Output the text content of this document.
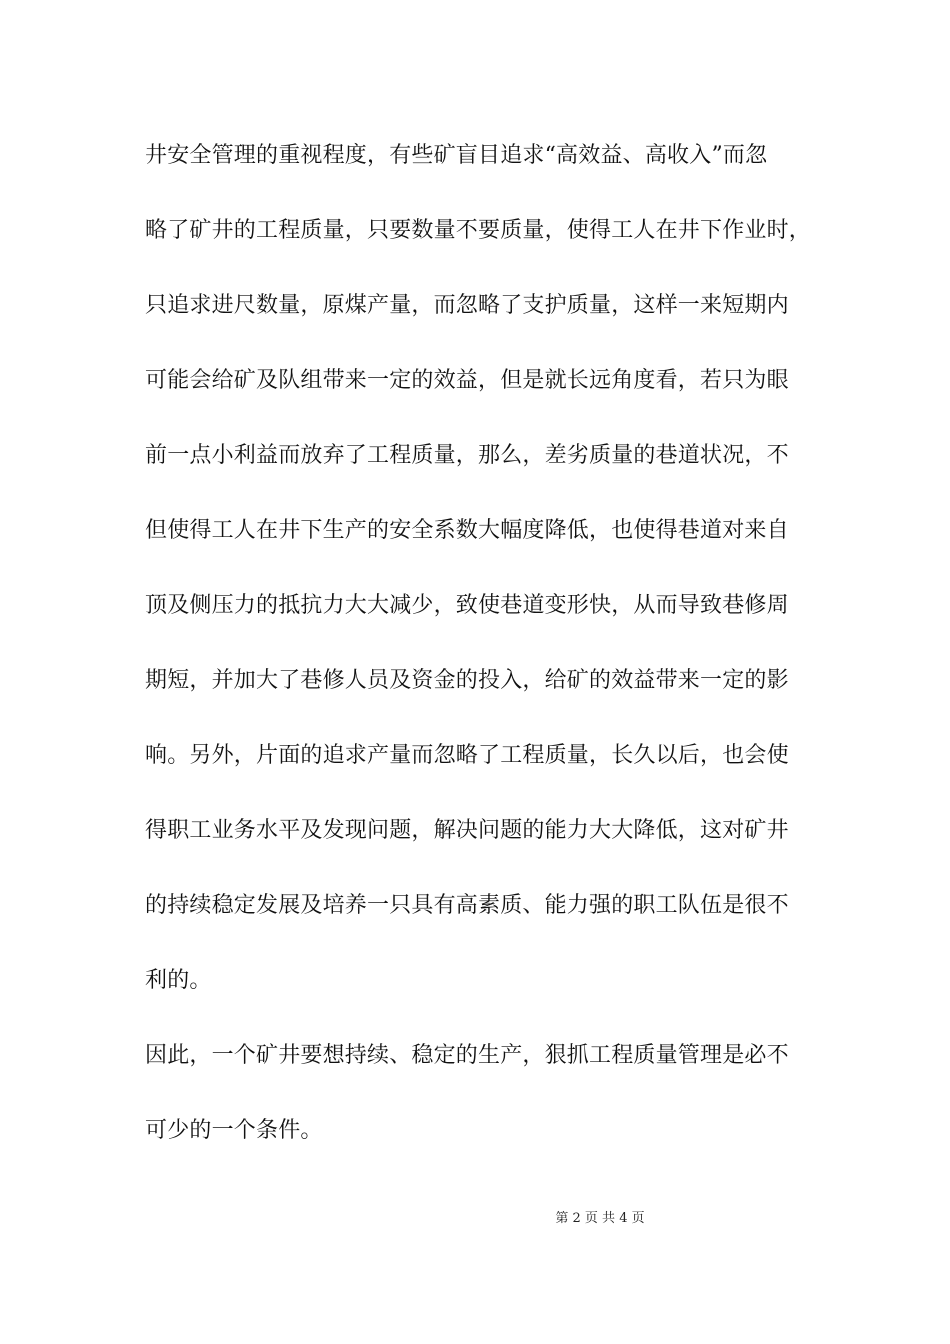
井安全管理的重视程度，有些矿盲目追求“高效益、高收入”而忽
略了矿井的工程质量，只要数量不要质量，使得工人在井下作业时，
只追求进尺数量，原煤产量，而忽略了支护质量，这样一来短期内
可能会给矿及队组带来一定的效益，但是就长远角度看，若只为眼
前一点小利益而放弃了工程质量，那么，差劣质量的巷道状况，不
但使得工人在井下生产的安全系数大幅度降低，也使得巷道对来自
顶及侧压力的抵抗力大大减少，致使巷道变形快，从而导致巷修周
期短，并加大了巷修人员及资金的投入，给矿的效益带来一定的影
响。另外，片面的追求产量而忽略了工程质量，长久以后，也会使
得职工业务水平及发现问题，解决问题的能力大大降低，这对矿井
的持续稳定发展及培养一只具有高素质、能力强的职工队伍是很不
利的。
因此，一个矿井要想持续、稳定的生产，狠抓工程质量管理是必不
可少的一个条件。
第 2 页 共 4 页
